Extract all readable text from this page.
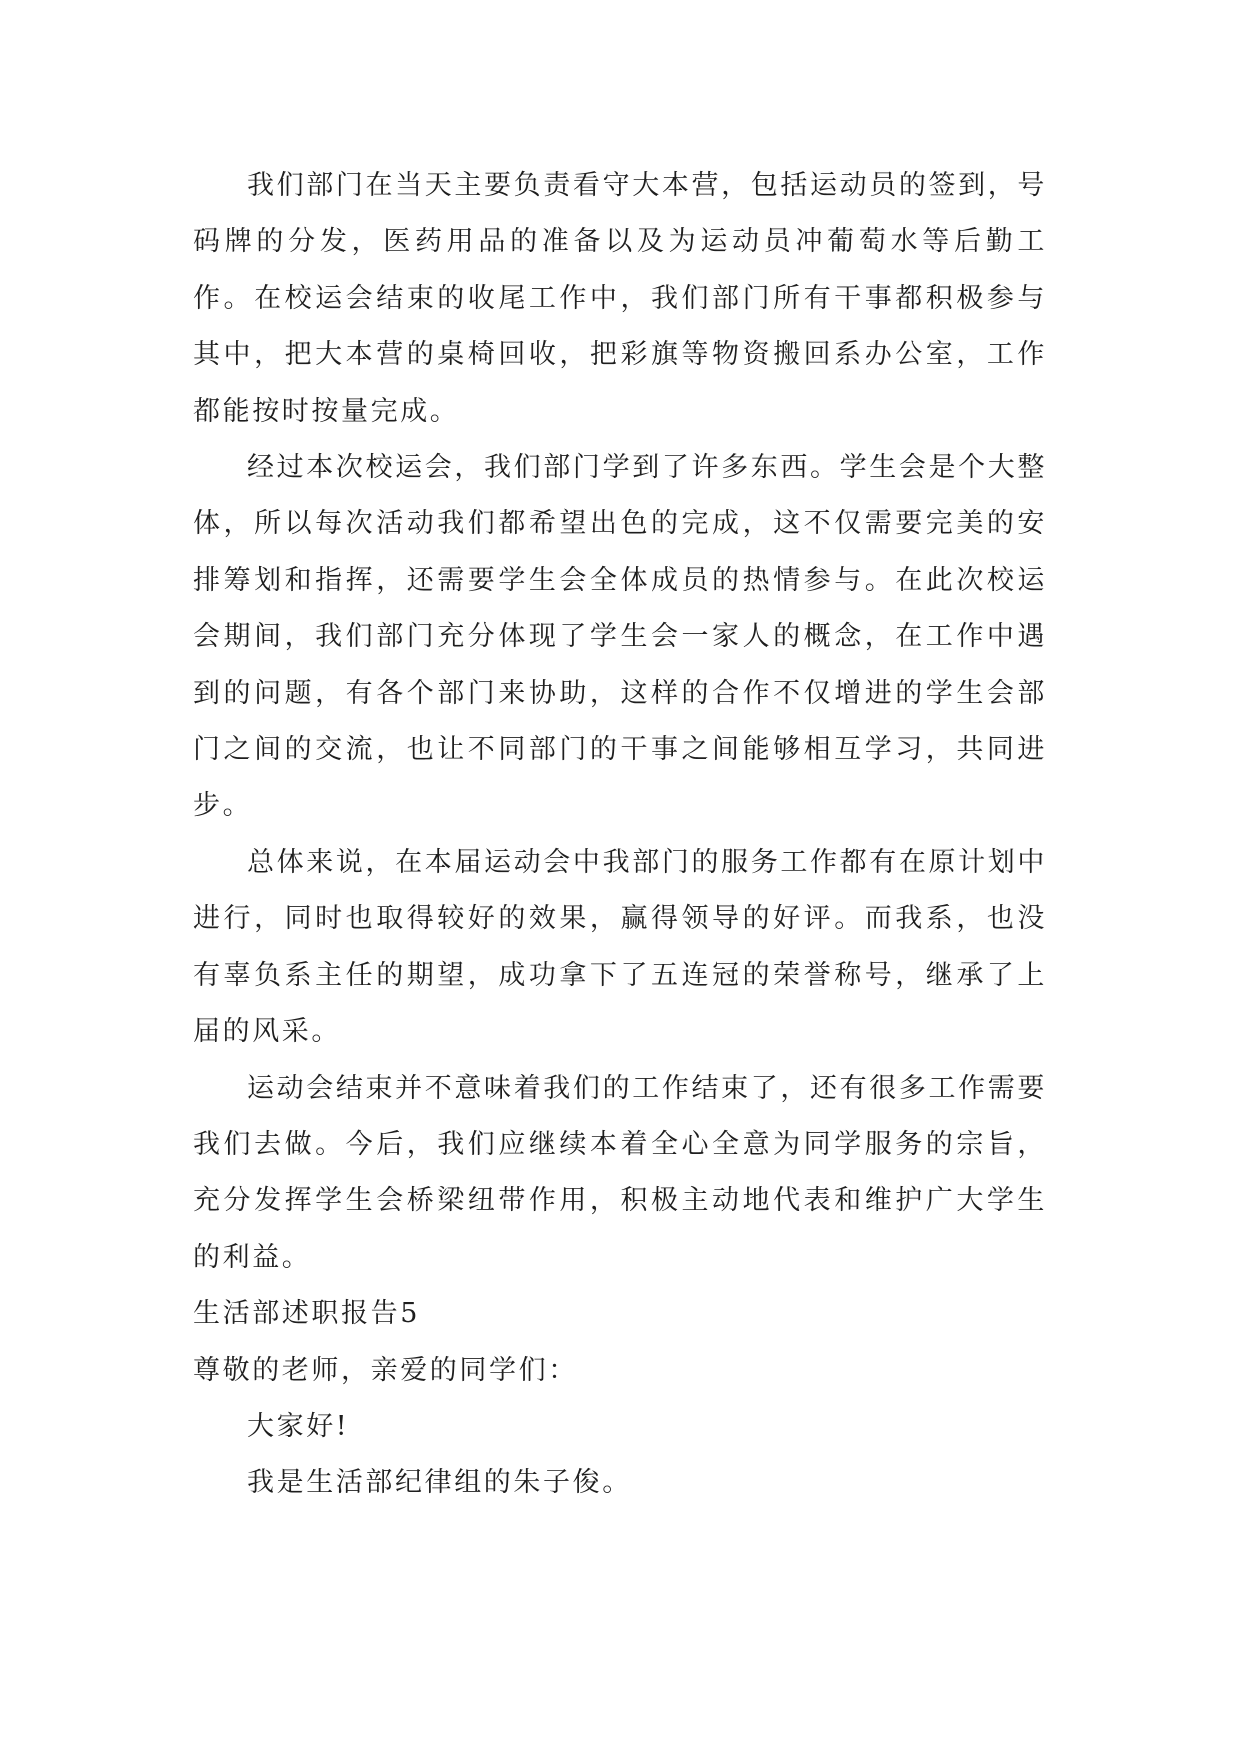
我们部门在当天主要负责看守大本营，包括运动员的签到，号码牌的分发，医药用品的准备以及为运动员冲葡萄水等后勤工作。在校运会结束的收尾工作中，我们部门所有干事都积极参与其中，把大本营的桌椅回收，把彩旗等物资搬回系办公室，工作都能按时按量完成。

经过本次校运会，我们部门学到了许多东西。学生会是个大整体，所以每次活动我们都希望出色的完成，这不仅需要完美的安排筹划和指挥，还需要学生会全体成员的热情参与。在此次校运会期间，我们部门充分体现了学生会一家人的概念，在工作中遇到的问题，有各个部门来协助，这样的合作不仅增进的学生会部门之间的交流，也让不同部门的干事之间能够相互学习，共同进步。

总体来说，在本届运动会中我部门的服务工作都有在原计划中进行，同时也取得较好的效果，赢得领导的好评。而我系，也没有辜负系主任的期望，成功拿下了五连冠的荣誉称号，继承了上届的风采。

运动会结束并不意味着我们的工作结束了，还有很多工作需要我们去做。今后，我们应继续本着全心全意为同学服务的宗旨，充分发挥学生会桥梁纽带作用，积极主动地代表和维护广大学生的利益。

生活部述职报告5

尊敬的老师，亲爱的同学们：

大家好!

我是生活部纪律组的朱子俊。
